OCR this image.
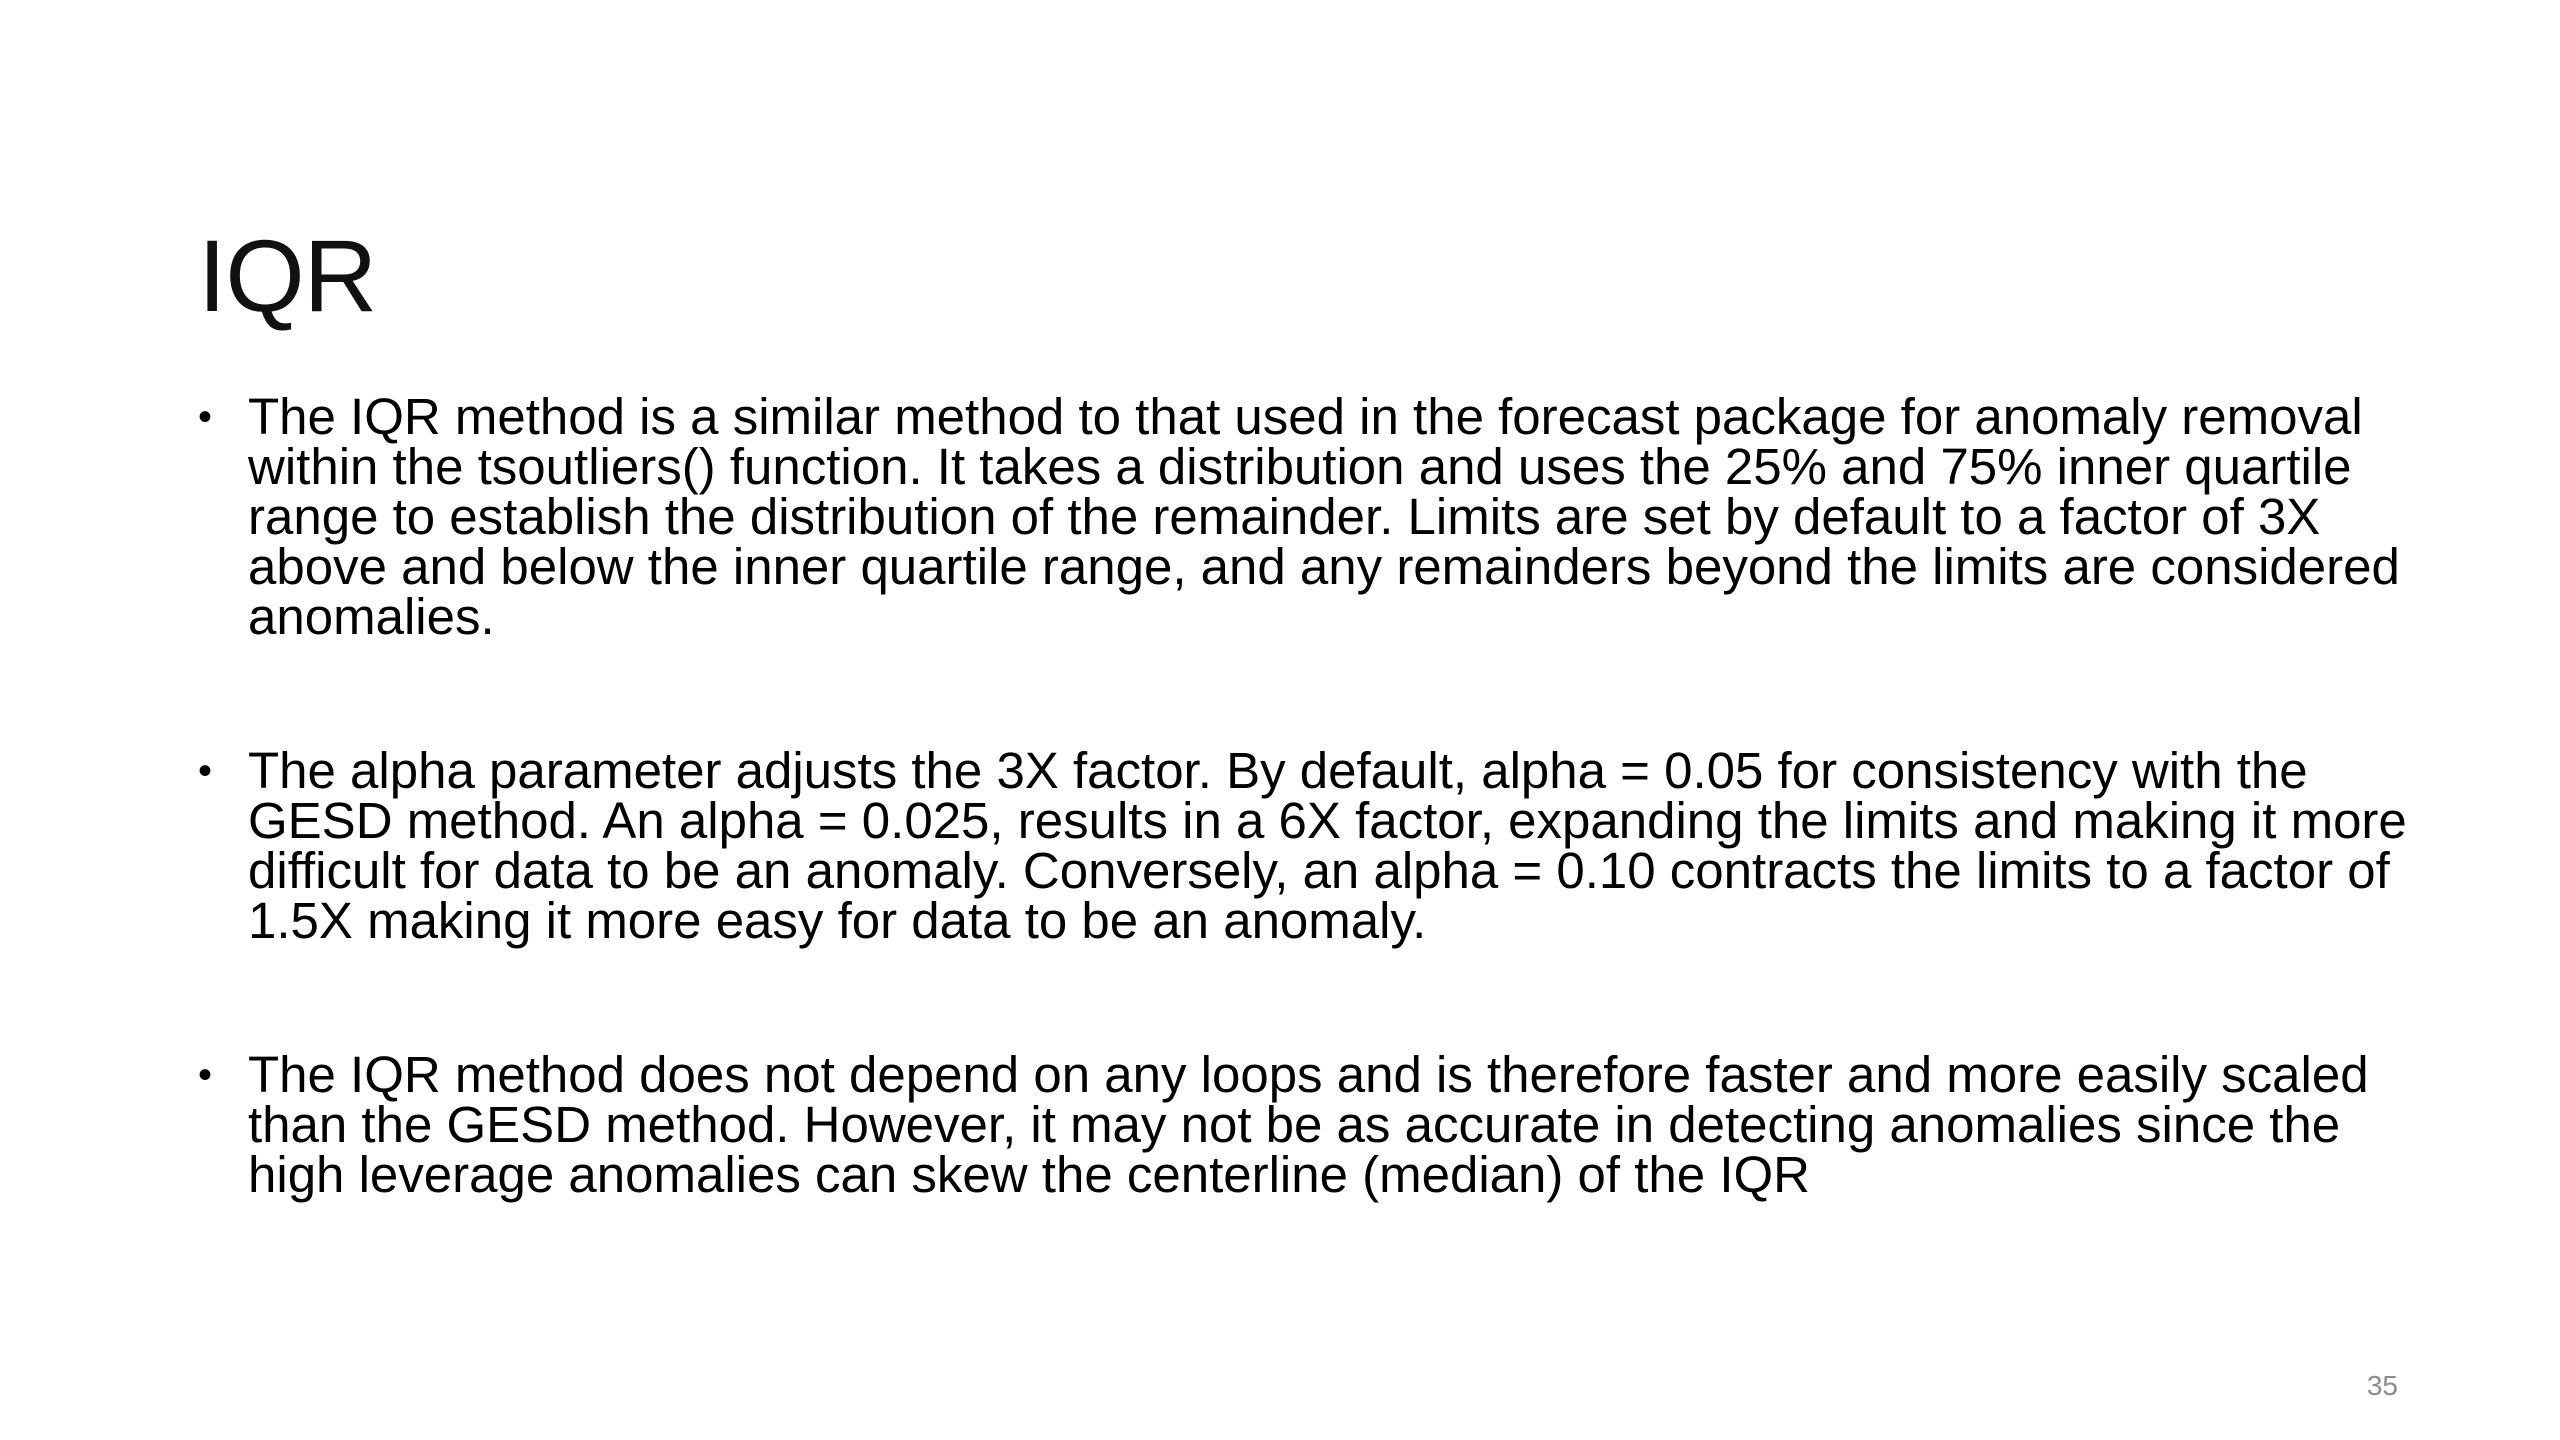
IQR
• The IQR method is a similar method to that used in the forecast package for anomaly removal within the tsoutliers() function. It takes a distribution and uses the 25% and 75% inner quartile range to establish the distribution of the remainder. Limits are set by default to a factor of 3X above and below the inner quartile range, and any remainders beyond the limits are considered anomalies.
• The alpha parameter adjusts the 3X factor. By default, alpha = 0.05 for consistency with the GESD method. An alpha = 0.025, results in a 6X factor, expanding the limits and making it more difficult for data to be an anomaly. Conversely, an alpha = 0.10 contracts the limits to a factor of 1.5X making it more easy for data to be an anomaly.
• The IQR method does not depend on any loops and is therefore faster and more easily scaled than the GESD method. However, it may not be as accurate in detecting anomalies since the high leverage anomalies can skew the centerline (median) of the IQR
35
